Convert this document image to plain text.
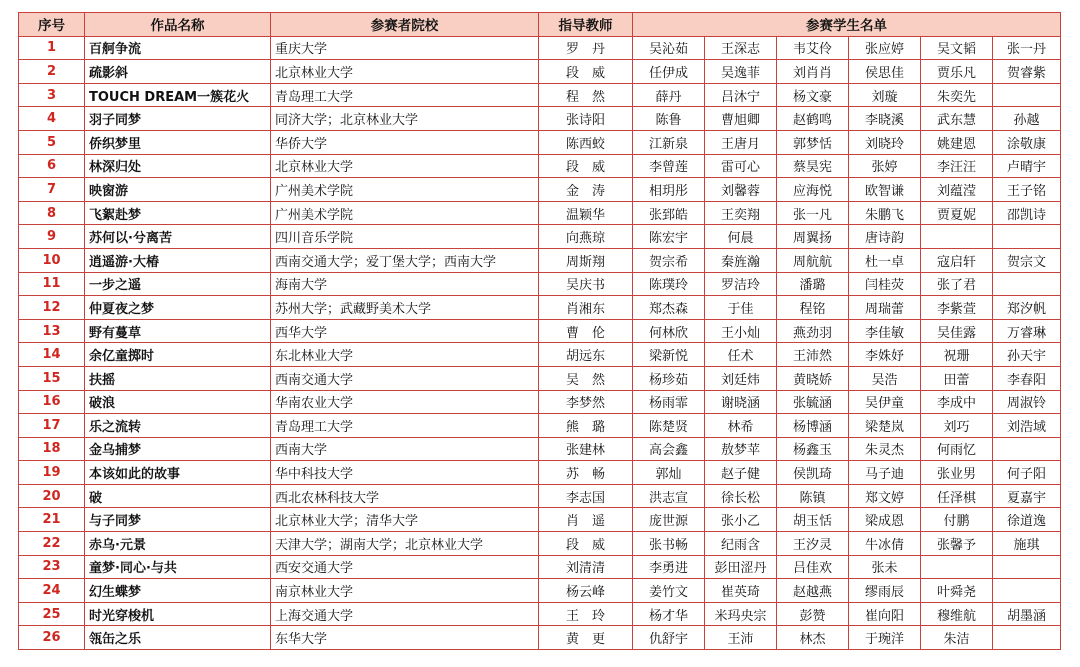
序号	作品名称	参赛者院校	指导教师	参赛学生名单					
1	百舸争流	重庆大学	罗　丹	吴沁茹	王深志	韦艾伶	张应婷	吴文韬	张一丹
2	疏影斜	北京林业大学	段　威	任伊成	吴逸菲	刘肖肖	侯思佳	贾乐凡	贺睿紫
3	TOUCH DREAM一簇花火	青岛理工大学	程　然	薛丹	吕沐宁	杨文豪	刘璇	朱奕先	
4	羽子同梦	同济大学；北京林业大学	张诗阳	陈鲁	曹旭卿	赵鹤鸣	李晓溪	武东慧	孙越
5	侨织梦里	华侨大学	陈西蛟	江新泉	王唐月	郭梦恬	刘晓玲	姚建恩	涂敬康
6	林深归处	北京林业大学	段　威	李曾莲	雷可心	蔡昊宪	张婷	李汪汪	卢晴宇
7	映窗游	广州美术学院	金　涛	相玥彤	刘馨蓉	应海悦	欧智谦	刘蕴滢	王子铭
8	飞絮赴梦	广州美术学院	温颖华	张郅皓	王奕翔	张一凡	朱鹏飞	贾夏妮	邵凯诗
9	苏何以·兮离苦	四川音乐学院	向燕琼	陈宏宇	何晨	周翼扬	唐诗韵		
10	逍遥游·大椿	西南交通大学；爱丁堡大学；西南大学	周斯翔	贺宗希	秦旌瀚	周航航	杜一卓	寇启轩	贺宗文
11	一步之遥	海南大学	吴庆书	陈璞玲	罗洁玲	潘璐	闫桂荧	张了君	
12	仲夏夜之梦	苏州大学；武藏野美术大学	肖湘东	郑杰森	于佳	程铭	周瑞蕾	李紫萱	郑汐帆
13	野有蔓草	西华大学	曹　伦	何林欣	王小灿	燕劲羽	李佳敏	吴佳露	万睿琳
14	余亿童掷时	东北林业大学	胡远东	梁新悦	任术	王沛然	李姝妤	祝珊	孙天宇
15	扶摇	西南交通大学	吴　然	杨珍茹	刘廷炜	黄晓娇	吴浩	田蕾	李春阳
16	破浪	华南农业大学	李梦然	杨雨霏	谢晓涵	张毓涵	吴伊童	李成中	周淑铃
17	乐之流转	青岛理工大学	熊　璐	陈楚贤	林希	杨博涵	梁楚岚	刘巧	刘浩域
18	金乌捕梦	西南大学	张建林	高会鑫	敖梦苹	杨鑫玉	朱灵杰	何雨忆	
19	本该如此的故事	华中科技大学	苏　畅	郭灿	赵子健	侯凯琦	马子迪	张业男	何子阳
20	破	西北农林科技大学	李志国	洪志宣	徐长松	陈镇	郑文婷	任泽棋	夏嘉宇
21	与子同梦	北京林业大学；清华大学	肖　遥	庞世源	张小乙	胡玉恬	梁成恩	付鹏	徐道逸
22	赤乌·元景	天津大学；湖南大学；北京林业大学	段　威	张书畅	纪雨含	王汐灵	牛冰倩	张馨予	施琪
23	童梦·同心·与共	西安交通大学	刘清清	李勇进	彭田涩丹	吕佳欢	张未		
24	幻生蝶梦	南京林业大学	杨云峰	姜竹文	崔英琦	赵越燕	缪雨辰	叶舜尧	
25	时光穿梭机	上海交通大学	王　玲	杨才华	米玛央宗	彭赞	崔向阳	穆维航	胡墨涵
26	瓴缶之乐	东华大学	黄　更	仇舒宇	王沛	林杰	于琬洋	朱洁	
